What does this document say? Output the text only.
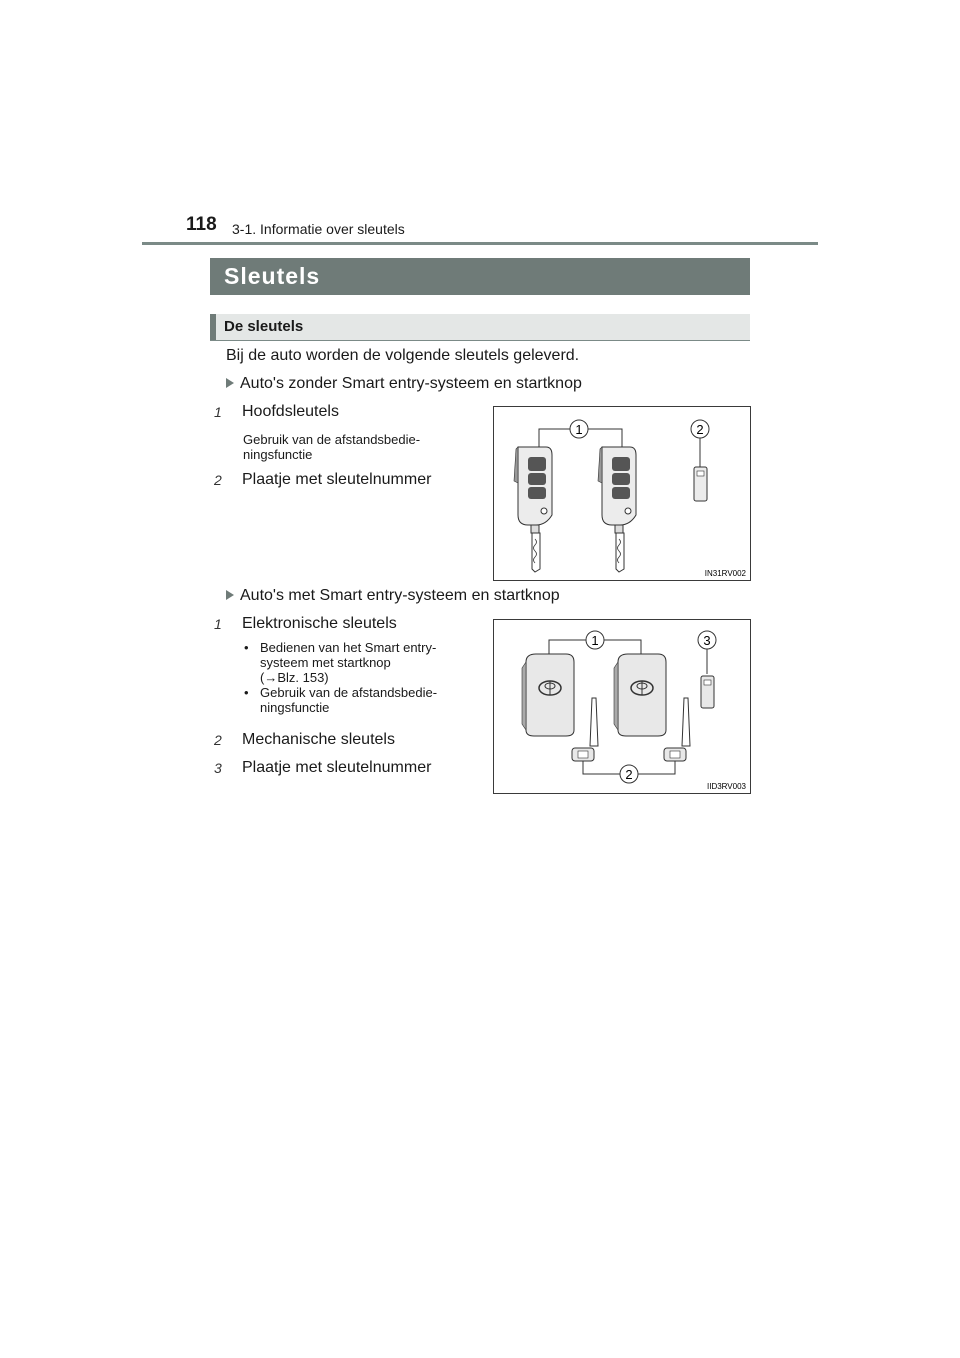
118 3-1. Informatie over sleutels
Sleutels
De sleutels
Bij de auto worden de volgende sleutels geleverd.
Auto's zonder Smart entry-systeem en startknop
1 Hoofdsleutels
Gebruik van de afstandsbedie-
ningsfunctie
2 Plaatje met sleutelnummer
1	2
IN31RV002
Auto's met Smart entry-systeem en startknop
1 Elektronische sleutels
• Bedienen van het Smart entry-
systeem met startknop
(→Blz. 153)
• Gebruik van de afstandsbedie-
ningsfunctie
2 Mechanische sleutels
3 Plaatje met sleutelnummer
1	3
2
IID3RV003
